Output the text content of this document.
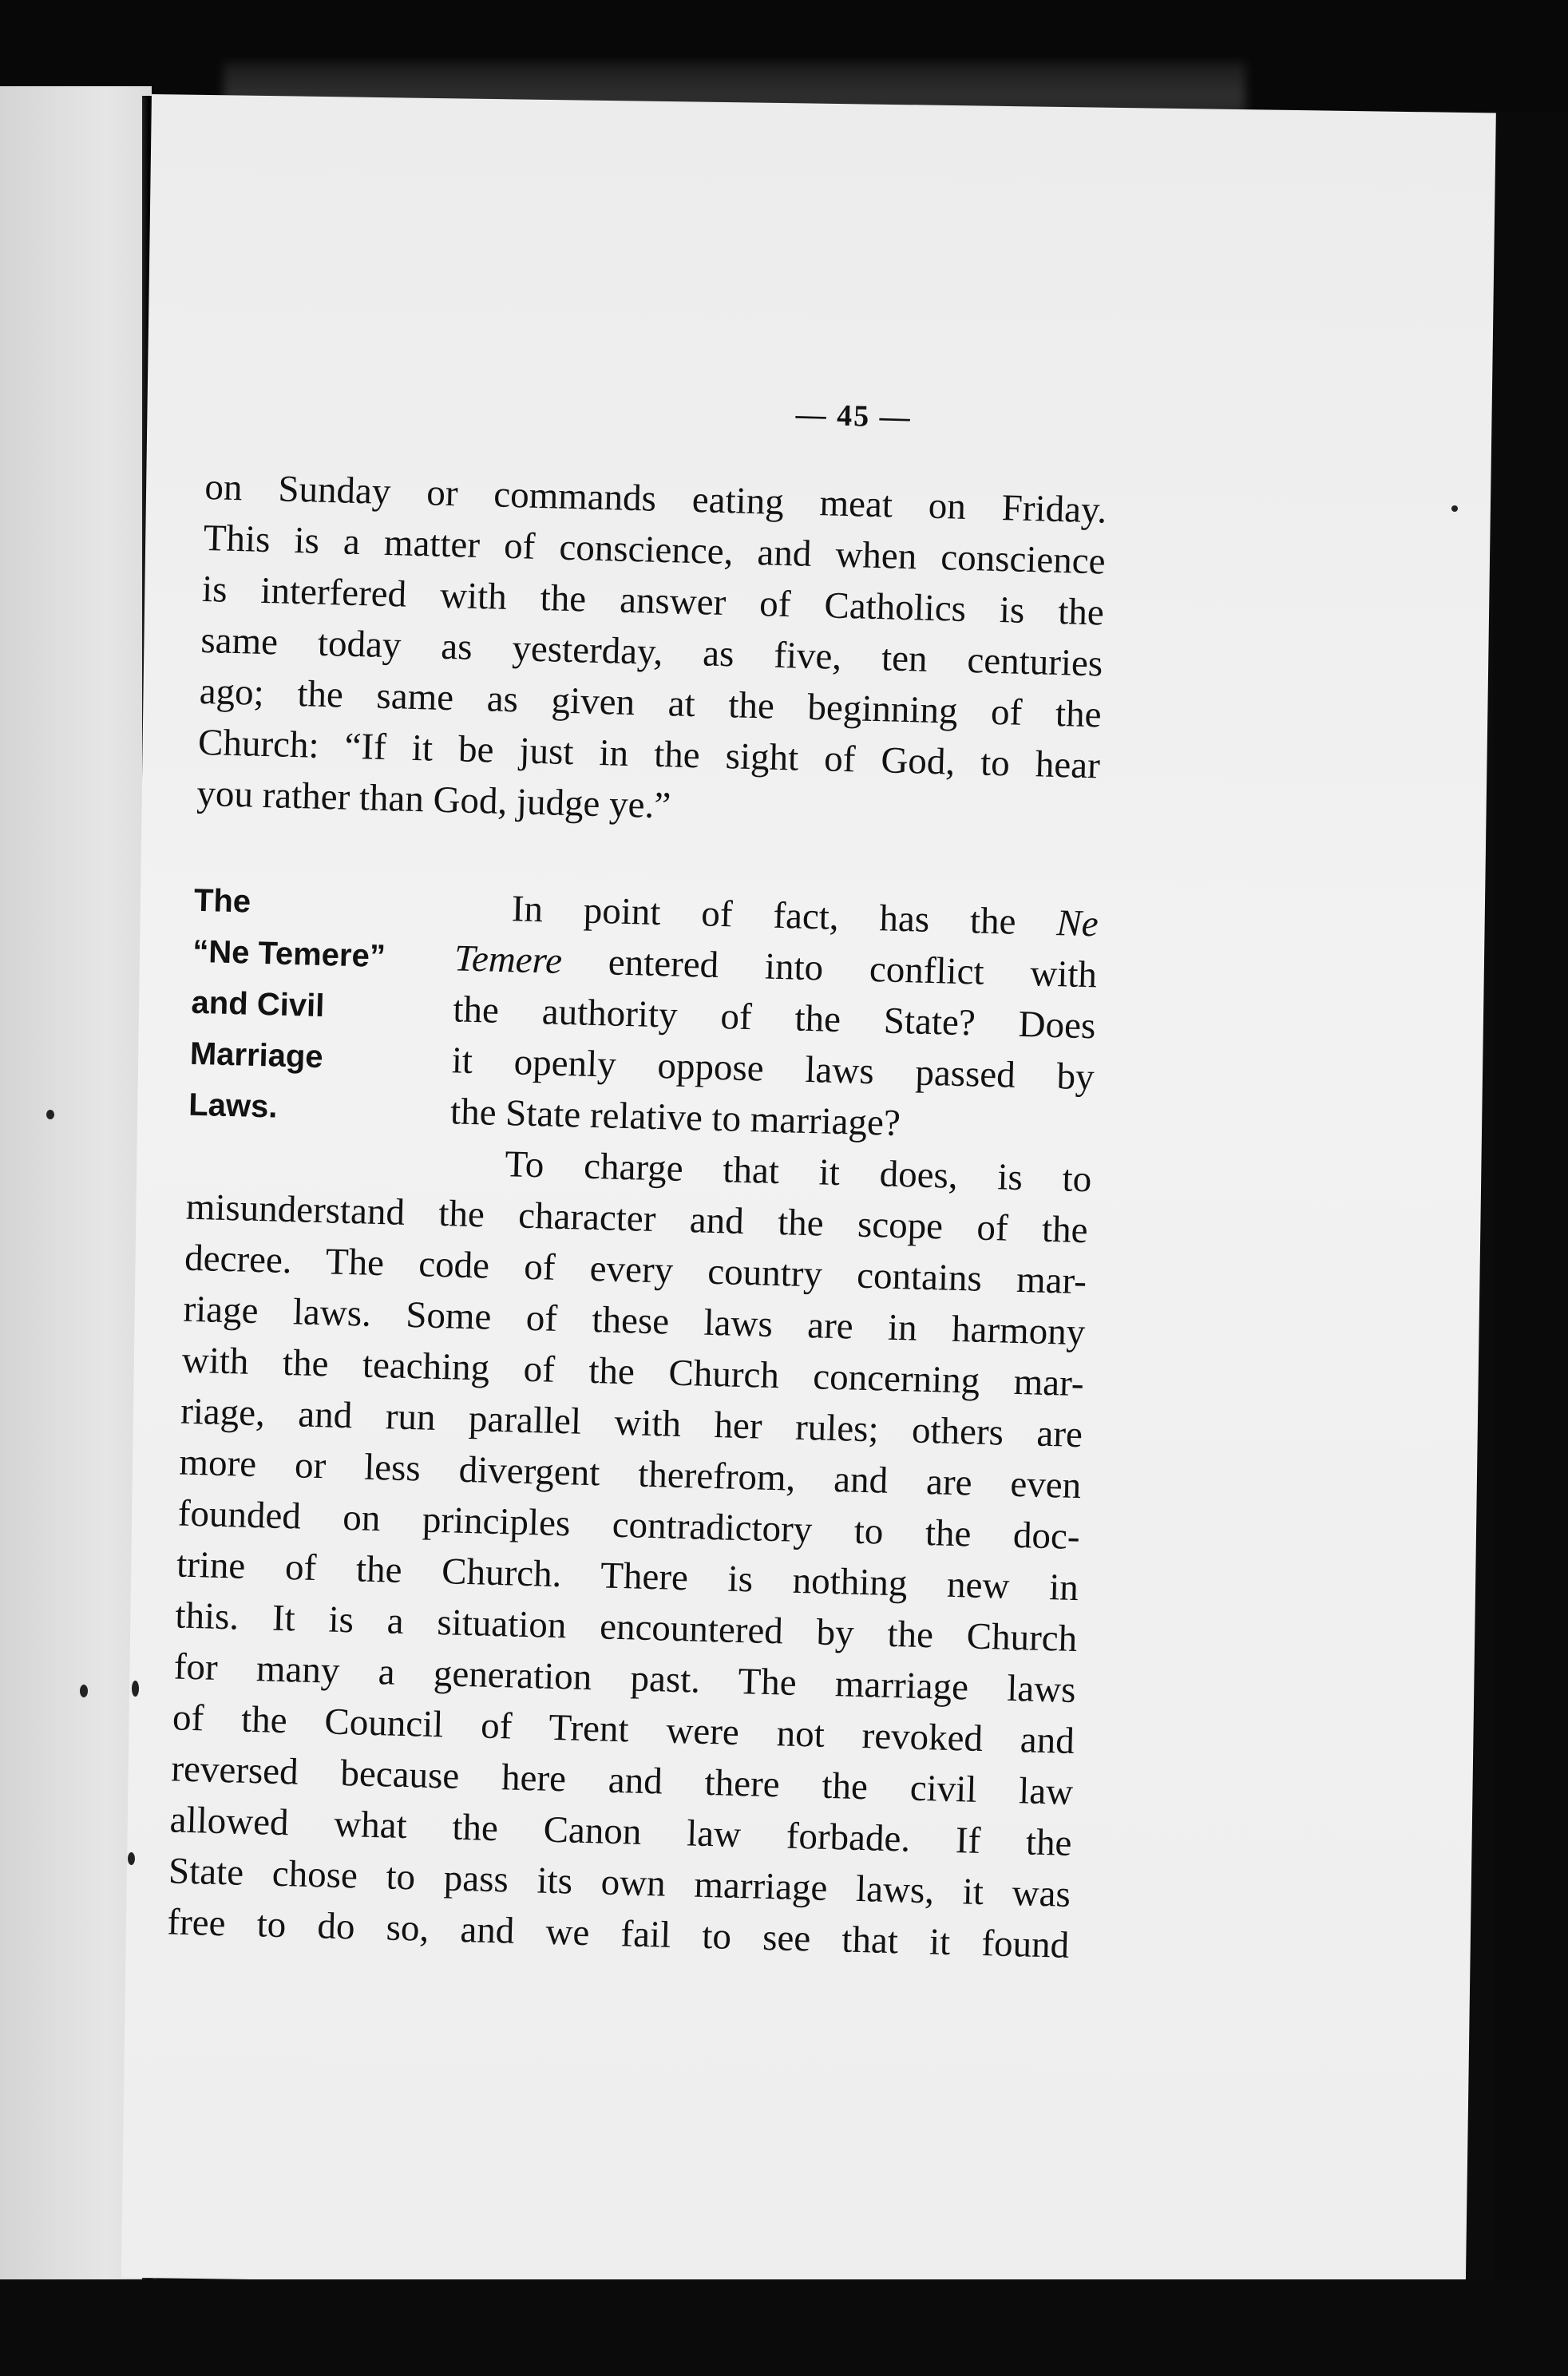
— 45 —
on Sunday or commands eating meat on Friday.
This is a matter of conscience, and when conscience
is interfered with the answer of Catholics is the
same today as yesterday, as five, ten centuries
ago; the same as given at the beginning of the
Church: “If it be just in the sight of God, to hear
you rather than God, judge ye.”
The
“Ne Temere”
and Civil
Marriage
Laws.
In point of fact, has the Ne
Temere entered into conflict with
the authority of the State? Does
it openly oppose laws passed by
the State relative to marriage?
To charge that it does, is to
misunderstand the character and the scope of the
decree. The code of every country contains mar-
riage laws. Some of these laws are in harmony
with the teaching of the Church concerning mar-
riage, and run parallel with her rules; others are
more or less divergent therefrom, and are even
founded on principles contradictory to the doc-
trine of the Church. There is nothing new in
this. It is a situation encountered by the Church
for many a generation past. The marriage laws
of the Council of Trent were not revoked and
reversed because here and there the civil law
allowed what the Canon law forbade. If the
State chose to pass its own marriage laws, it was
free to do so, and we fail to see that it found
